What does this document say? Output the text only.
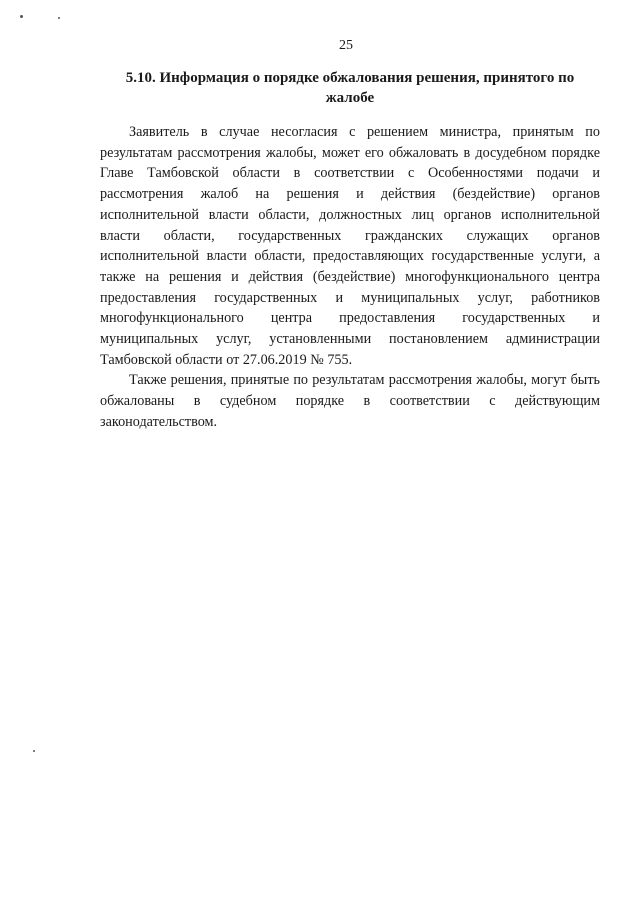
25
5.10. Информация о порядке обжалования решения, принятого по жалобе

Заявитель в случае несогласия с решением министра, принятым по результатам рассмотрения жалобы, может его обжаловать в досудебном порядке Главе Тамбовской области в соответствии с Особенностями подачи и рассмотрения жалоб на решения и действия (бездействие) органов исполнительной власти области, должностных лиц органов исполнительной власти области, государственных гражданских служащих органов исполнительной власти области, предоставляющих государственные услуги, а также на решения и действия (бездействие) многофункционального центра предоставления государственных и муниципальных услуг, работников многофункционального центра предоставления государственных и муниципальных услуг, установленными постановлением администрации Тамбовской области от 27.06.2019 № 755.

Также решения, принятые по результатам рассмотрения жалобы, могут быть обжалованы в судебном порядке в соответствии с действующим законодательством.
